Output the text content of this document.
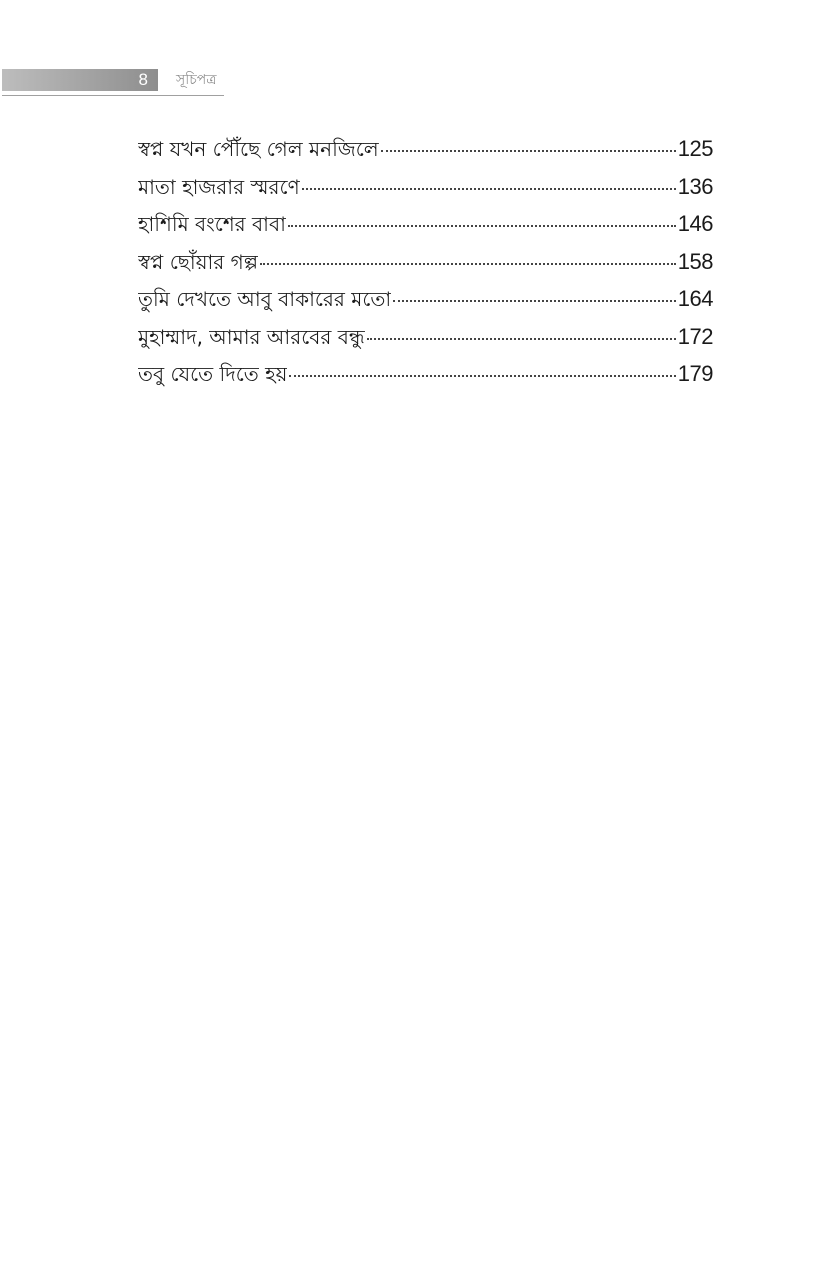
8 সূচিপত্র
স্বপ্ন যখন পৌঁছে গেল মনজিলে	125
মাতা হাজরার স্মরণে	136
হাশিমি বংশের বাবা	146
স্বপ্ন ছোঁয়ার গল্প	158
তুমি দেখতে আবু বাকারের মতো	164
মুহাম্মাদ, আমার আরবের বন্ধু	172
তবু যেতে দিতে হয়	179
